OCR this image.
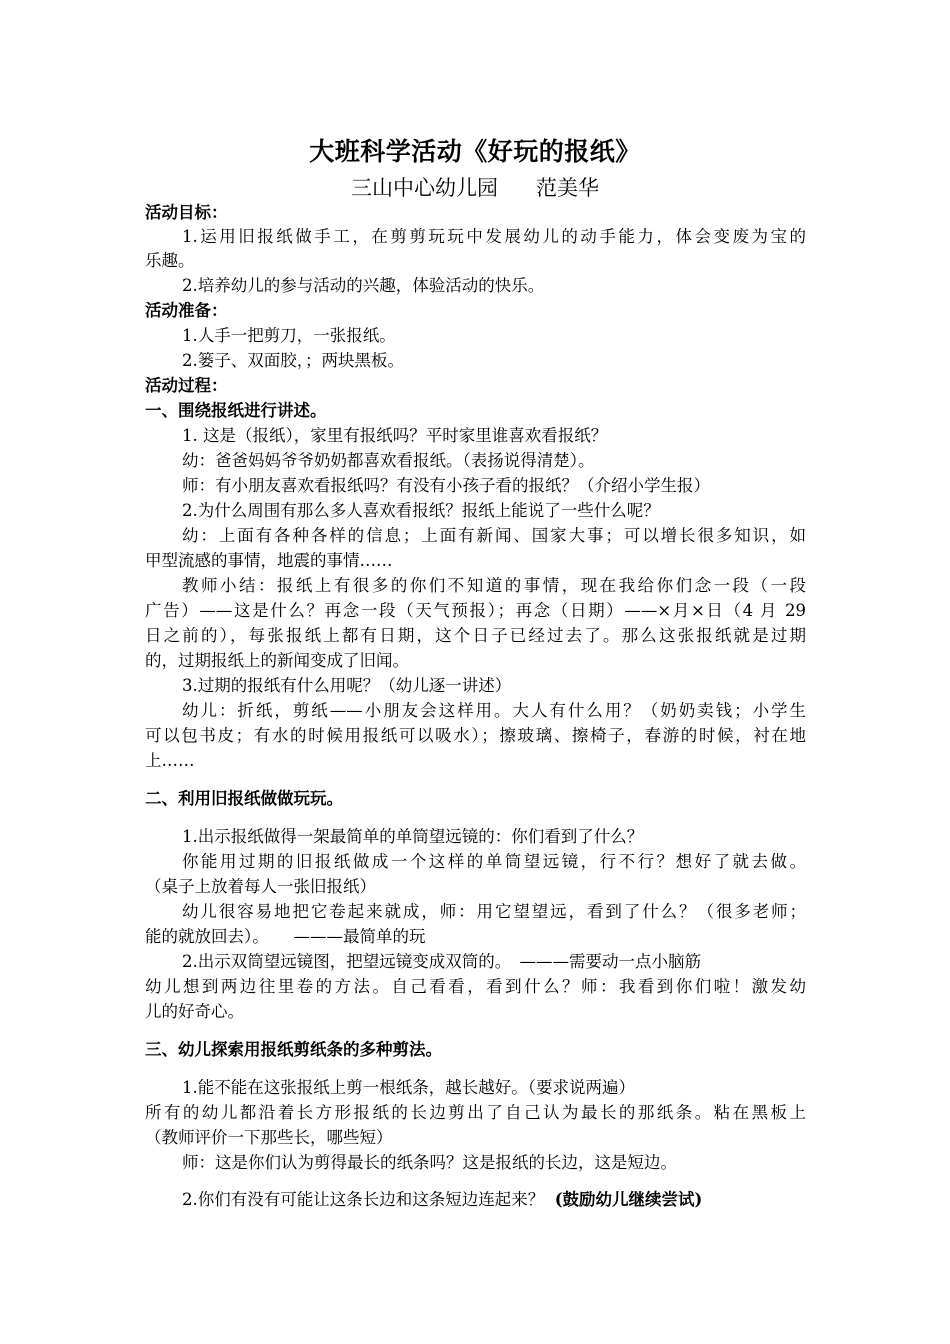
大班科学活动《好玩的报纸》
三山中心幼儿园 范美华
活动目标：
1.运用旧报纸做手工，在剪剪玩玩中发展幼儿的动手能力，体会变废为宝的
乐趣。
2.培养幼儿的参与活动的兴趣，体验活动的快乐。
活动准备：
1.人手一把剪刀，一张报纸。
2.篓子、双面胶，；两块黑板。
活动过程：
一、围绕报纸进行讲述。
1. 这是（报纸），家里有报纸吗？平时家里谁喜欢看报纸？
幼：爸爸妈妈爷爷奶奶都喜欢看报纸。（表扬说得清楚）。
师：有小朋友喜欢看报纸吗？有没有小孩子看的报纸？（介绍小学生报）
2.为什么周围有那么多人喜欢看报纸？报纸上能说了一些什么呢？
幼：上面有各种各样的信息；上面有新闻、国家大事；可以增长很多知识，如
甲型流感的事情，地震的事情……
教师小结：报纸上有很多的你们不知道的事情，现在我给你们念一段（一段
广告）——这是什么？再念一段（天气预报）；再念（日期）——×月×日（4 月 29
日之前的），每张报纸上都有日期，这个日子已经过去了。那么这张报纸就是过期
的，过期报纸上的新闻变成了旧闻。
3.过期的报纸有什么用呢？（幼儿逐一讲述）
幼儿：折纸，剪纸——小朋友会这样用。大人有什么用？（奶奶卖钱；小学生
可以包书皮；有水的时候用报纸可以吸水）；擦玻璃、擦椅子，春游的时候，衬在地
上……
二、利用旧报纸做做玩玩。
1.出示报纸做得一架最简单的单筒望远镜的：你们看到了什么？
你能用过期的旧报纸做成一个这样的单筒望远镜，行不行？想好了就去做。
（桌子上放着每人一张旧报纸）
幼儿很容易地把它卷起来就成，师：用它望望远，看到了什么？（很多老师；
能的就放回去）。　　———最简单的玩
2.出示双筒望远镜图，把望远镜变成双筒的。　———需要动一点小脑筋
幼儿想到两边往里卷的方法。自己看看，看到什么？师：我看到你们啦！激发幼
儿的好奇心。
三、幼儿探索用报纸剪纸条的多种剪法。
1.能不能在这张报纸上剪一根纸条，越长越好。（要求说两遍）
所有的幼儿都沿着长方形报纸的长边剪出了自己认为最长的那纸条。粘在黑板上
（教师评价一下那些长，哪些短）
师：这是你们认为剪得最长的纸条吗？这是报纸的长边，这是短边。
2.你们有没有可能让这条长边和这条短边连起来？ (鼓励幼儿继续尝试)
